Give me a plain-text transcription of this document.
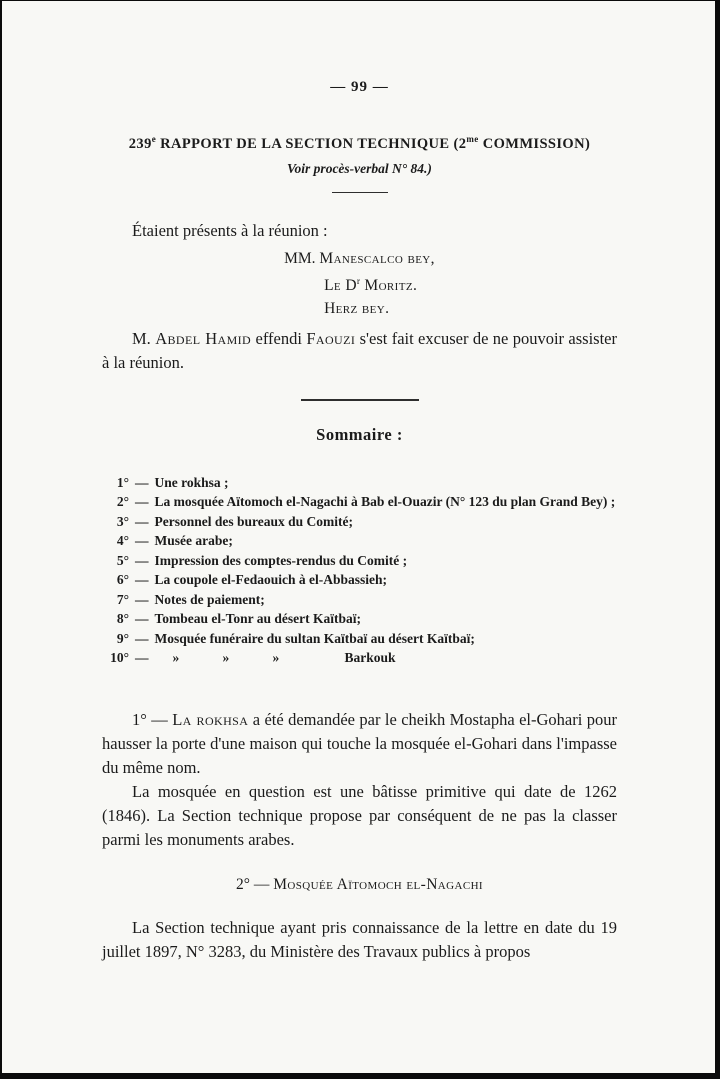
— 99 —
239e RAPPORT DE LA SECTION TECHNIQUE ($2^{me}$ COMMISSION)
Voir procès-verbal N° 84.)

Étaient présents à la réunion :

MM. Manescalco bey,
Le $D^r$ Moritz.
Herz bey.

M. Abdel Hamid effendi Faouzi s'est fait excuser de ne pouvoir assister à la réunion.

Sommaire :
1° — Une rokhsa ;
2° — La mosquée Aïtomoch el-Nagachi à Bab el-Ouazir (N° 123 du plan Grand Bey) ;
3° — Personnel des bureaux du Comité;
4° — Musée arabe;
5° — Impression des comptes-rendus du Comité ;
6° — La coupole el-Fedaouich à el-Abbassieh;
7° — Notes de paiement;
8° — Tombeau el-Tonr au désert Kaïtbaï;
9° — Mosquée funéraire du sultan Kaïtbaï au désert Kaïtbaï;
10° —	»	»	»	Barkouk

1° — La rokhsa a été demandée par le cheikh Mostapha el-Gohari pour hausser la porte d'une maison qui touche la mosquée el-Gohari dans l'impasse du même nom.

La mosquée en question est une bâtisse primitive qui date de 1262 (1846). La Section technique propose par conséquent de ne pas la classer parmi les monuments arabes.

2° — Mosquée Aïtomoch el-Nagachi

La Section technique ayant pris connaissance de la lettre en date du 19 juillet 1897, N° 3283, du Ministère des Travaux publics à propos
